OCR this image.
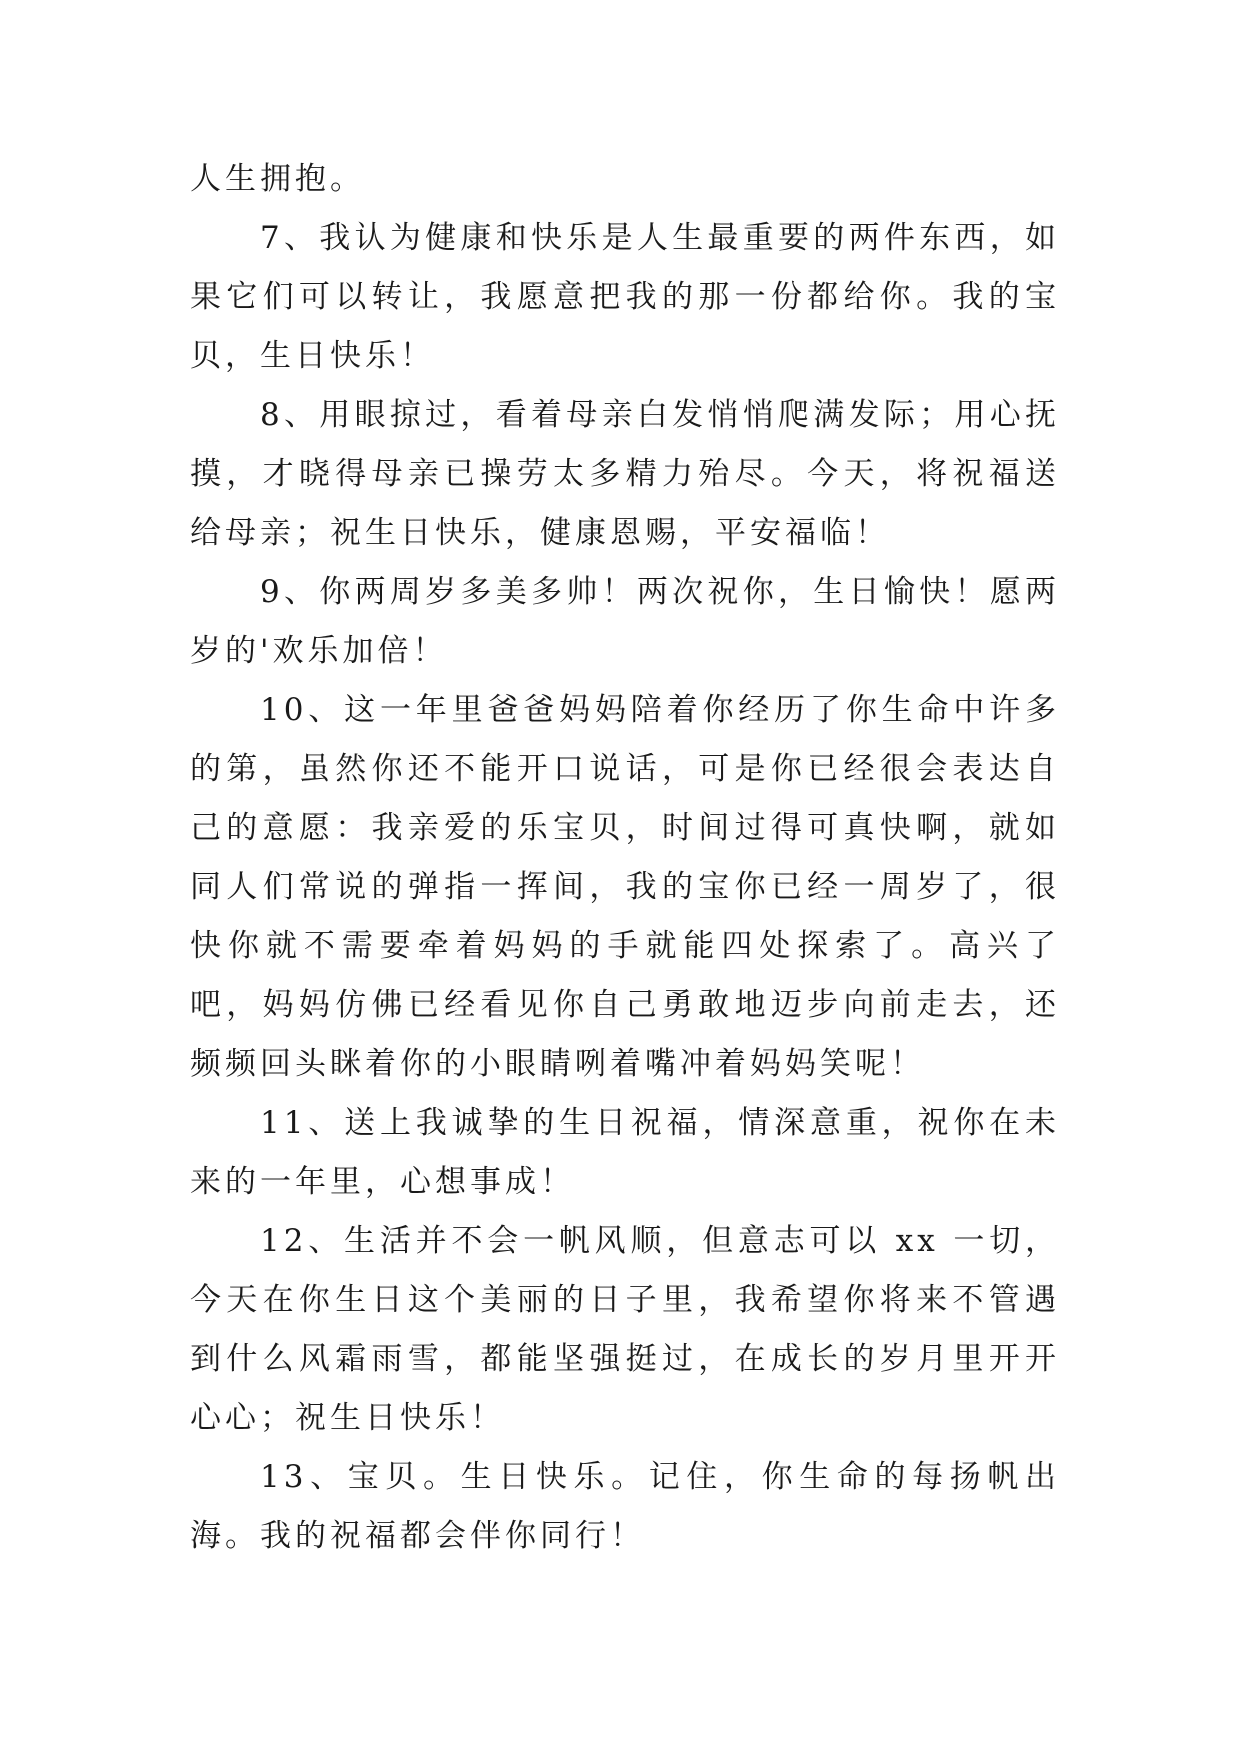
人生拥抱。

7、我认为健康和快乐是人生最重要的两件东西，如果它们可以转让，我愿意把我的那一份都给你。我的宝贝，生日快乐！

8、用眼掠过，看着母亲白发悄悄爬满发际；用心抚摸，才晓得母亲已操劳太多精力殆尽。今天，将祝福送给母亲；祝生日快乐，健康恩赐，平安福临！

9、你两周岁多美多帅！两次祝你，生日愉快！愿两岁的'欢乐加倍！

10、这一年里爸爸妈妈陪着你经历了你生命中许多的第，虽然你还不能开口说话，可是你已经很会表达自己的意愿：我亲爱的乐宝贝，时间过得可真快啊，就如同人们常说的弹指一挥间，我的宝你已经一周岁了，很快你就不需要牵着妈妈的手就能四处探索了。高兴了吧，妈妈仿佛已经看见你自己勇敢地迈步向前走去，还频频回头眯着你的小眼睛咧着嘴冲着妈妈笑呢！

11、送上我诚挚的生日祝福，情深意重，祝你在未来的一年里，心想事成！

12、生活并不会一帆风顺，但意志可以 xx 一切，今天在你生日这个美丽的日子里，我希望你将来不管遇到什么风霜雨雪，都能坚强挺过，在成长的岁月里开开心心；祝生日快乐！

13、宝贝。生日快乐。记住，你生命的每扬帆出海。我的祝福都会伴你同行！
